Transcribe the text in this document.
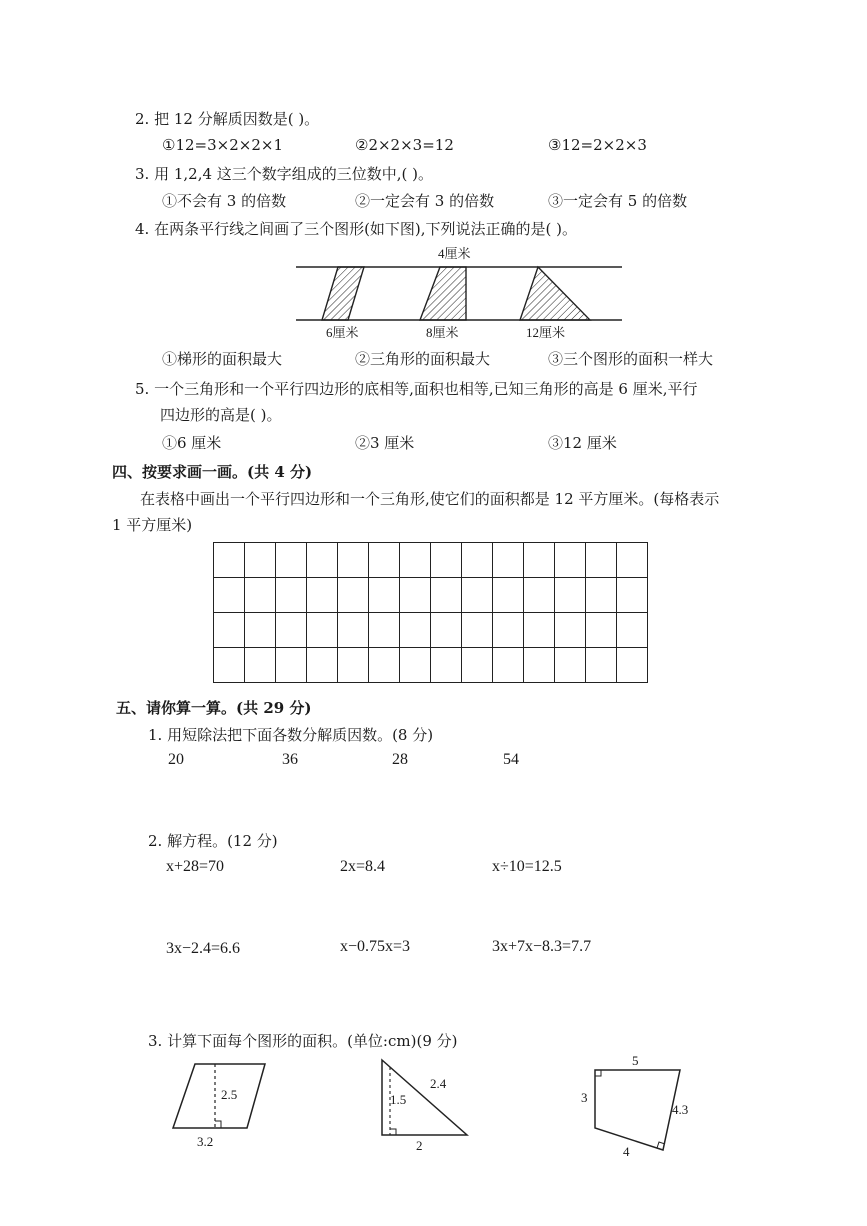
2. 把 12 分解质因数是( )。
①12=3×2×2×1	②2×2×3=12	③12=2×2×3
3. 用 1,2,4 这三个数字组成的三位数中,( )。
①不会有 3 的倍数	②一定会有 3 的倍数	③一定会有 5 的倍数
4. 在两条平行线之间画了三个图形(如下图),下列说法正确的是( )。
4厘米
6厘米	8厘米	12厘米
①梯形的面积最大	②三角形的面积最大	③三个图形的面积一样大
5. 一个三角形和一个平行四边形的底相等,面积也相等,已知三角形的高是 6 厘米,平行
四边形的高是( )。
①6 厘米	②3 厘米	③12 厘米
四、按要求画一画。(共 4 分)
在表格中画出一个平行四边形和一个三角形,使它们的面积都是 12 平方厘米。(每格表示
1 平方厘米)

五、请你算一算。(共 29 分)
1. 用短除法把下面各数分解质因数。(8 分)
20	36	28	54
2. 解方程。(12 分)
x+28=70	2x=8.4	x÷10=12.5
3x−2.4=6.6	x−0.75x=3	3x+7x−8.3=7.7
3. 计算下面每个图形的面积。(单位:cm)(9 分)
2.5
3.2
1.5
2.4
2
5
3
4.3
4
